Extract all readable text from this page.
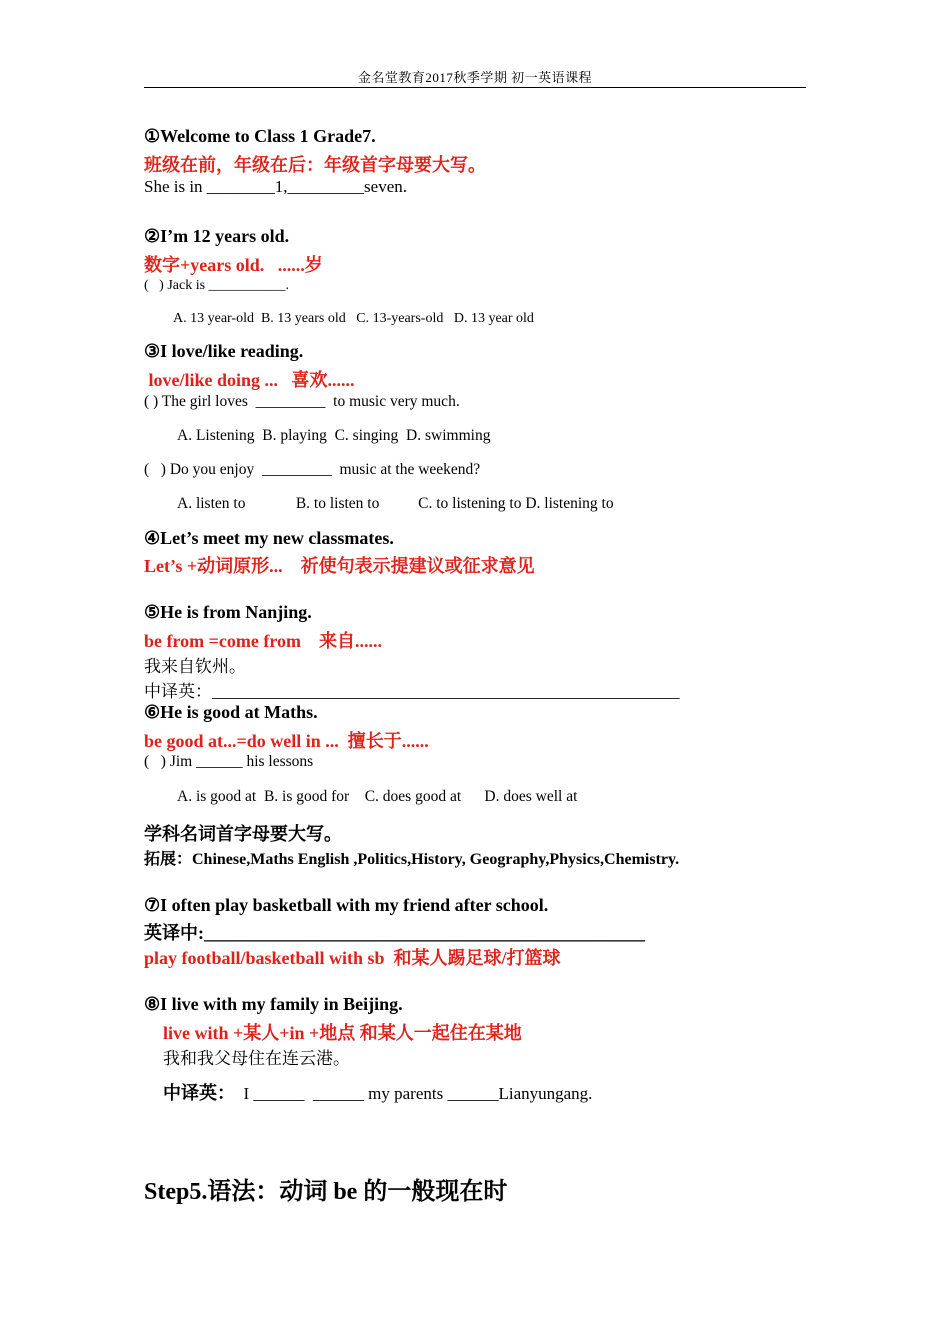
金名堂教育2017秋季学期 初一英语课程
①Welcome to Class 1 Grade7.
班级在前，年级在后：年级首字母要大写。
She is in ________1,_________seven.
②I’m 12 years old.
数字+years old.   ......岁
(   ) Jack is ___________.
A. 13 year-old  B. 13 years old   C. 13-years-old   D. 13 year old
③I love/like reading.
love/like doing ...   喜欢......
( ) The girl loves  _________  to music very much.
A. Listening  B. playing  C. singing  D. swimming
(   ) Do you enjoy  _________  music at the weekend?
A. listen to             B. to listen to          C. to listening to D. listening to
④Let’s meet my new classmates.
Let’s +动词原形...    祈使句表示提建议或征求意见
⑤He is from Nanjing.
be from =come from    来自......
我来自钦州。
中译英：_______________________________________________________
⑥He is good at Maths.
be good at...=do well in ...  擅长于......
(   ) Jim ______ his lessons
A. is good at  B. is good for    C. does good at      D. does well at
学科名词首字母要大写。
拓展：Chinese,Maths English ,Politics,History, Geography,Physics,Chemistry.
⑦I often play basketball with my friend after school.
英译中:_________________________________________________
play football/basketball with sb  和某人踢足球/打篮球
⑧I live with my family in Beijing.
live with +某人+in +地点 和某人一起住在某地
我和我父母住在连云港。
中译英：  I ______  ______ my parents ______Lianyungang.
Step5.语法：动词 be 的一般现在时
